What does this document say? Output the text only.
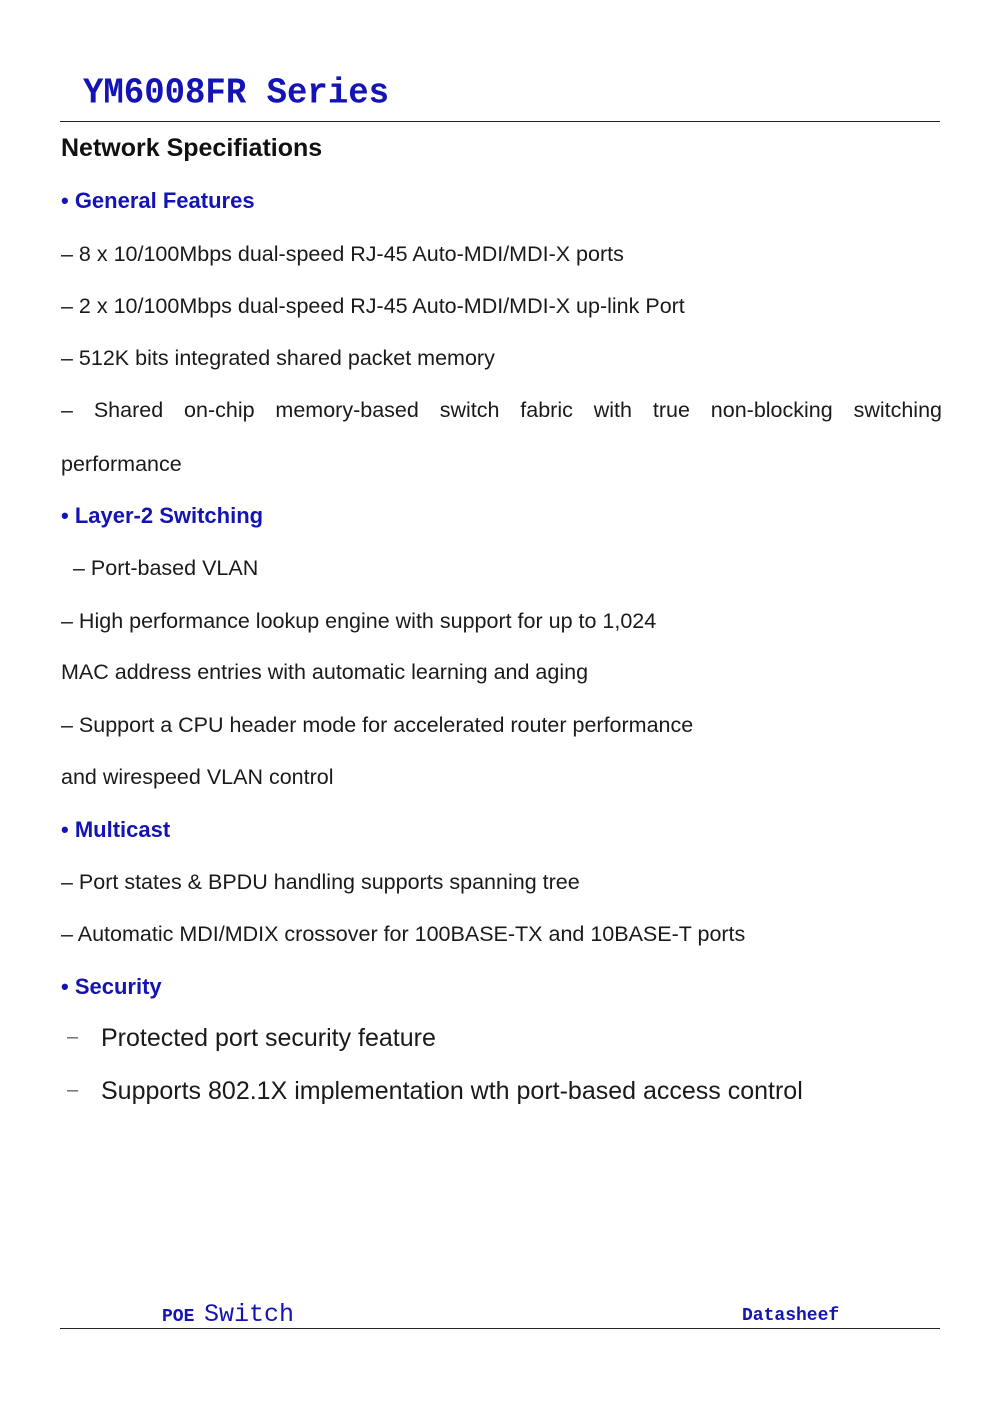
YM6008FR Series
Network Specifiations
• General Features
– 8 x 10/100Mbps dual-speed RJ-45 Auto-MDI/MDI-X ports
– 2 x 10/100Mbps dual-speed RJ-45 Auto-MDI/MDI-X up-link Port
– 512K bits integrated shared packet memory
– Shared on-chip memory-based switch fabric with true non-blocking switching
performance
• Layer-2 Switching
– Port-based VLAN
– High performance lookup engine with support for up to 1,024
MAC address entries with automatic learning and aging
– Support a CPU header mode for accelerated router performance
and wirespeed VLAN control
• Multicast
– Port states & BPDU handling supports spanning tree
– Automatic MDI/MDIX crossover for 100BASE-TX and 10BASE-T ports
• Security
– Protected port security feature
– Supports 802.1X implementation wth port-based access control
POE Switch	Datasheef
